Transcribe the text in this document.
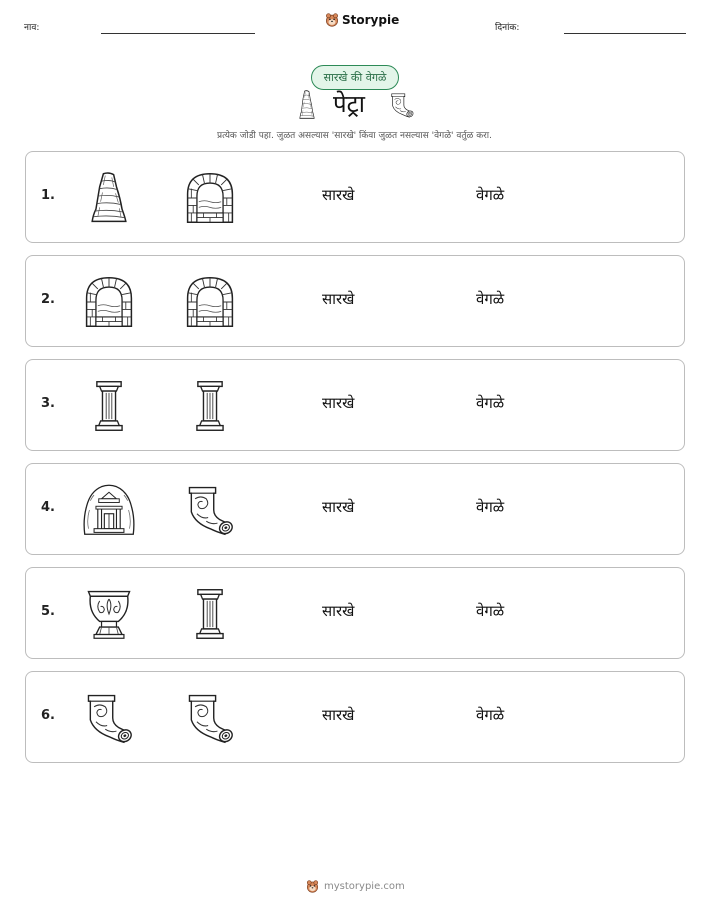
नाव:
Storypie
दिनांक:
सारखे की वेगळे
पेट्रा
प्रत्येक जोडी पहा. जुळत असल्यास 'सारखे' किंवा जुळत नसल्यास 'वेगळे' वर्तुळ करा.
1.	सारखे	वेगळे
2.	सारखे	वेगळे
3.	सारखे	वेगळे
4.	सारखे	वेगळे
5.	सारखे	वेगळे
6.	सारखे	वेगळे
mystorypie.com
